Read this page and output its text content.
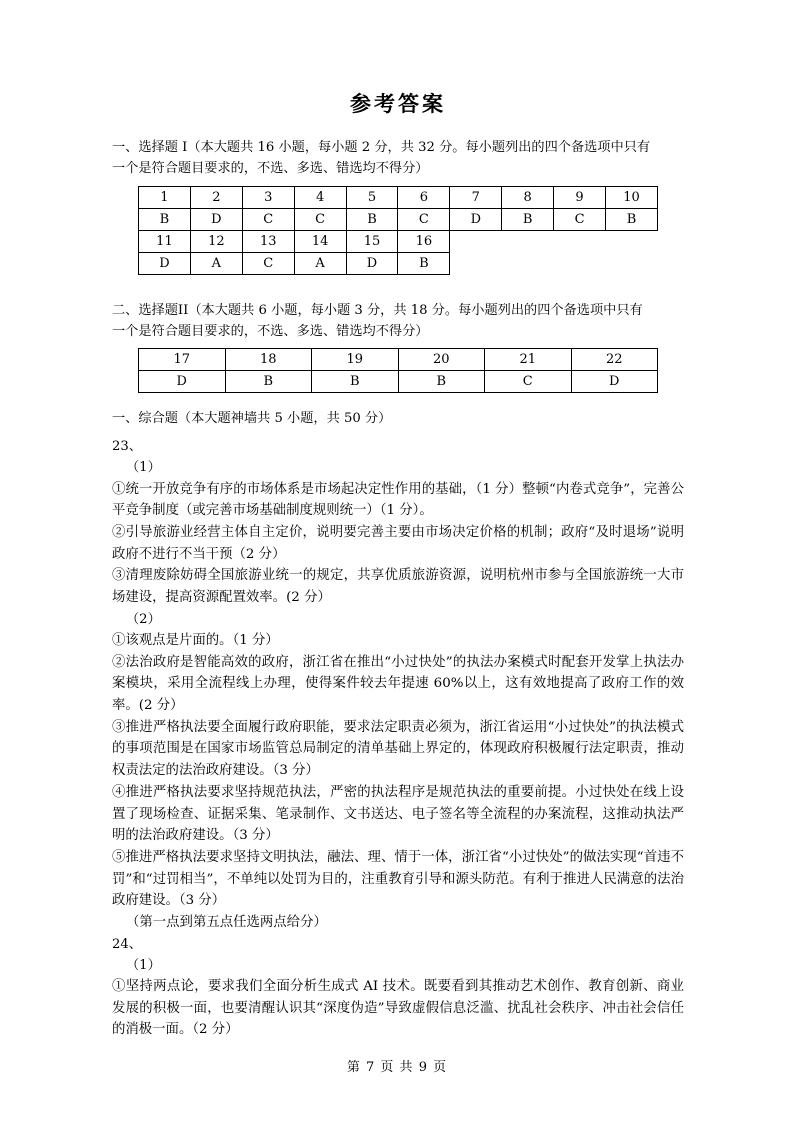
参考答案
一、选择题 I（本大题共 16 小题，每小题 2 分，共 32 分。每小题列出的四个备选项中只有
一个是符合题目要求的，不选、多选、错选均不得分）
1	2	3	4	5	6	7	8	9	10
B	D	C	C	B	C	D	B	C	B
11	12	13	14	15	16				
D	A	C	A	D	B				
二、选择题II（本大题共 6 小题，每小题 3 分，共 18 分。每小题列出的四个备选项中只有
一个是符合题目要求的，不选、多选、错选均不得分）
17	18	19	20	21	22
D	B	B	B	C	D

一、综合题（本大题神墙共 5 小题，共 50 分）

23、

（1）

①统一开放竞争有序的市场体系是市场起决定性作用的基础，（1 分）整顿“内卷式竞争”，完善公平竞争制度（或完善市场基础制度规则统一）（1 分）。

②引导旅游业经营主体自主定价，说明要完善主要由市场决定价格的机制；政府“及时退场”说明政府不进行不当干预（2 分）

③清理废除妨碍全国旅游业统一的规定，共享优质旅游资源，说明杭州市参与全国旅游统一大市场建设，提高资源配置效率。(2 分）

（2）

①该观点是片面的。（1 分）

②法治政府是智能高效的政府，浙江省在推出“小过快处”的执法办案模式时配套开发掌上执法办案模块，采用全流程线上办理，使得案件较去年提速 60%以上，这有效地提高了政府工作的效率。(2 分）

③推进严格执法要全面履行政府职能，要求法定职责必须为，浙江省运用“小过快处”的执法模式的事项范围是在国家市场监管总局制定的清单基础上界定的，体现政府积极履行法定职责，推动权责法定的法治政府建设。（3 分）

④推进严格执法要求坚持规范执法，严密的执法程序是规范执法的重要前提。小过快处在线上设置了现场检查、证据采集、笔录制作、文书送达、电子签名等全流程的办案流程，这推动执法严明的法治政府建设。（3 分）

⑤推进严格执法要求坚持文明执法，融法、理、情于一体，浙江省“小过快处”的做法实现“首违不罚”和“过罚相当”，不单纯以处罚为目的，注重教育引导和源头防范。有利于推进人民满意的法治政府建设。（3 分）

（第一点到第五点任选两点给分）

24、

（1）

①坚持两点论，要求我们全面分析生成式 AI 技术。既要看到其推动艺术创作、教育创新、商业发展的积极一面，也要清醒认识其“深度伪造”导致虚假信息泛滥、扰乱社会秩序、冲击社会信任的消极一面。（2 分）

第 7 页 共 9 页
